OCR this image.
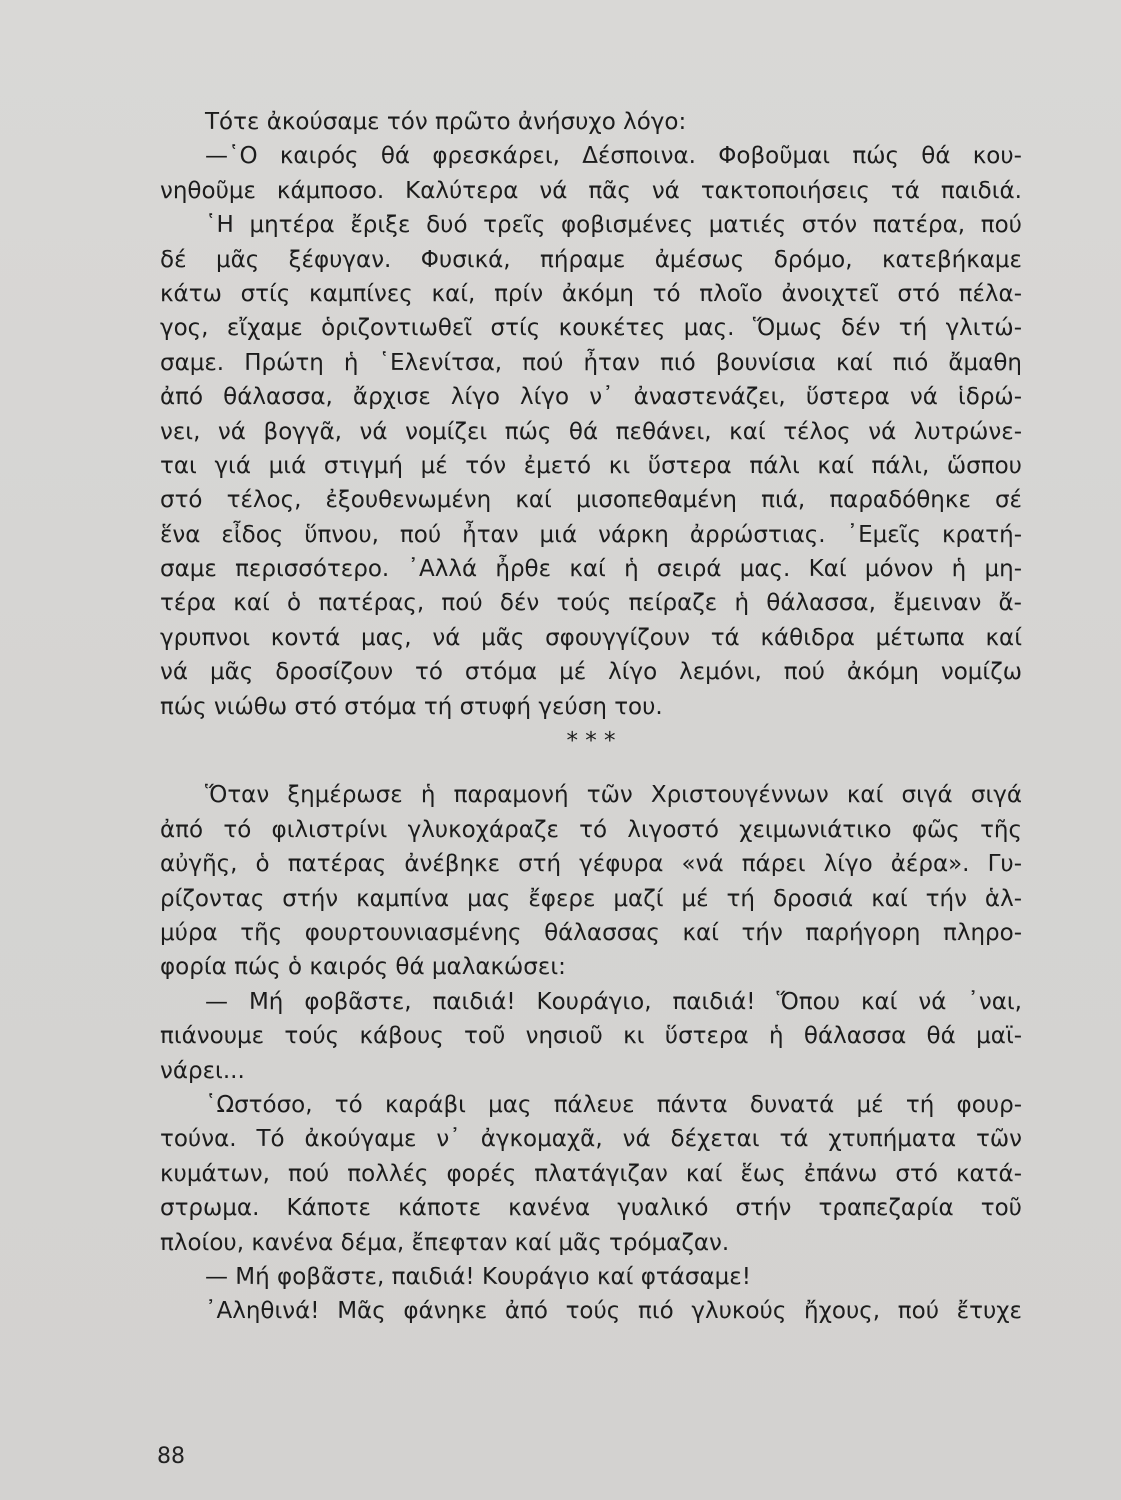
Τότε ἀκούσαμε τόν πρῶτο ἀνήσυχο λόγο:
—῾Ο καιρός θά φρεσκάρει, Δέσποινα. Φοβοῦμαι πώς θά κου-
νηθοῦμε κάμποσο. Καλύτερα νά πᾶς νά τακτοποιήσεις τά παιδιά.
῾Η μητέρα ἔριξε δυό τρεῖς φοβισμένες ματιές στόν πατέρα, πού
δέ μᾶς ξέφυγαν. Φυσικά, πήραμε ἀμέσως δρόμο, κατεβήκαμε
κάτω στίς καμπίνες καί, πρίν ἀκόμη τό πλοῖο ἀνοιχτεῖ στό πέλα-
γος, εἴχαμε ὁριζοντιωθεῖ στίς κουκέτες μας. Ὅμως δέν τή γλιτώ-
σαμε. Πρώτη ἡ ῾Ελενίτσα, πού ἦταν πιό βουνίσια καί πιό ἄμαθη
ἀπό θάλασσα, ἄρχισε λίγο λίγο ν᾽ ἀναστενάζει, ὕστερα νά ἱδρώ-
νει, νά βογγᾶ, νά νομίζει πώς θά πεθάνει, καί τέλος νά λυτρώνε-
ται γιά μιά στιγμή μέ τόν ἐμετό κι ὕστερα πάλι καί πάλι, ὥσπου
στό τέλος, ἐξουθενωμένη καί μισοπεθαμένη πιά, παραδόθηκε σέ
ἕνα εἶδος ὕπνου, πού ἦταν μιά νάρκη ἀρρώστιας. ᾿Εμεῖς κρατή-
σαμε περισσότερο. ᾿Αλλά ἦρθε καί ἡ σειρά μας. Καί μόνον ἡ μη-
τέρα καί ὁ πατέρας, πού δέν τούς πείραζε ἡ θάλασσα, ἔμειναν ἄ-
γρυπνοι κοντά μας, νά μᾶς σφουγγίζουν τά κάθιδρα μέτωπα καί
νά μᾶς δροσίζουν τό στόμα μέ λίγο λεμόνι, πού ἀκόμη νομίζω
πώς νιώθω στό στόμα τή στυφή γεύση του.
* * *
Ὅταν ξημέρωσε ἡ παραμονή τῶν Χριστουγέννων καί σιγά σιγά
ἀπό τό φιλιστρίνι γλυκοχάραζε τό λιγοστό χειμωνιάτικο φῶς τῆς
αὐγῆς, ὁ πατέρας ἀνέβηκε στή γέφυρα «νά πάρει λίγο ἀέρα». Γυ-
ρίζοντας στήν καμπίνα μας ἔφερε μαζί μέ τή δροσιά καί τήν ἁλ-
μύρα τῆς φουρτουνιασμένης θάλασσας καί τήν παρήγορη πληρο-
φορία πώς ὁ καιρός θά μαλακώσει:
— Μή φοβᾶστε, παιδιά! Κουράγιο, παιδιά! Ὅπου καί νά ᾽ναι,
πιάνουμε τούς κάβους τοῦ νησιοῦ κι ὕστερα ἡ θάλασσα θά μαϊ-
νάρει...
῾Ωστόσο, τό καράβι μας πάλευε πάντα δυνατά μέ τή φουρ-
τούνα. Τό ἀκούγαμε ν᾽ ἀγκομαχᾶ, νά δέχεται τά χτυπήματα τῶν
κυμάτων, πού πολλές φορές πλατάγιζαν καί ἕως ἐπάνω στό κατά-
στρωμα. Κάποτε κάποτε κανένα γυαλικό στήν τραπεζαρία τοῦ
πλοίου, κανένα δέμα, ἔπεφταν καί μᾶς τρόμαζαν.
— Μή φοβᾶστε, παιδιά! Κουράγιο καί φτάσαμε!
᾿Αληθινά! Μᾶς φάνηκε ἀπό τούς πιό γλυκούς ἤχους, πού ἔτυχε
88
